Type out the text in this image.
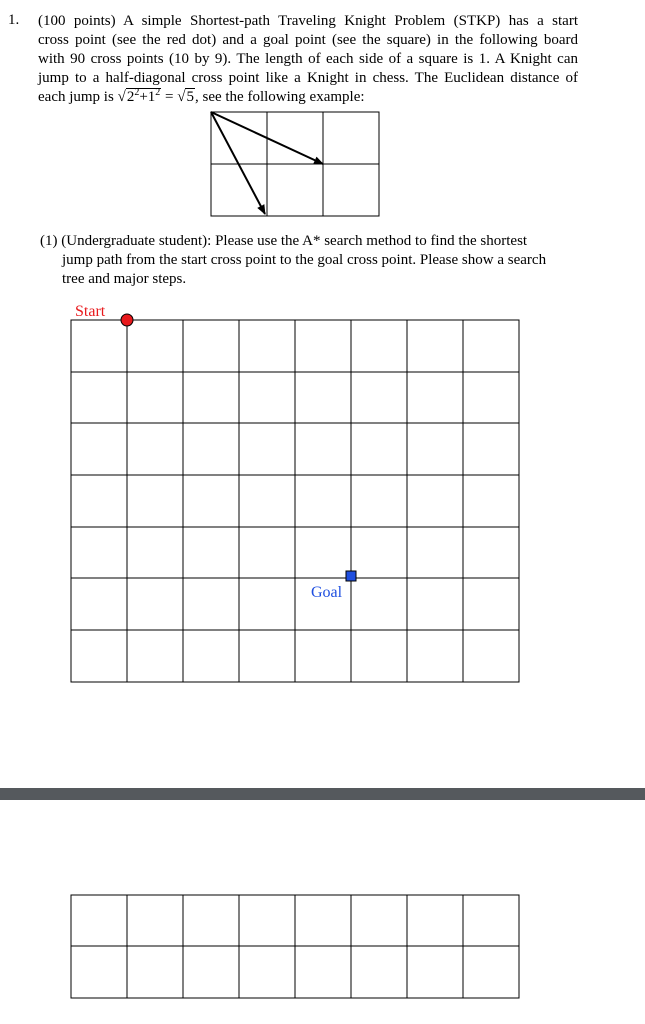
1. (100 points) A simple Shortest-path Traveling Knight Problem (STKP) has a start
cross point (see the red dot) and a goal point (see the square) in the following board
with 90 cross points (10 by 9). The length of each side of a square is 1. A Knight can
jump to a half-diagonal cross point like a Knight in chess. The Euclidean distance of
each jump is $√2^2+1^2 = √5$, see the following example:
(1) (Undergraduate student): Please use the A* search method to find the shortest
jump path from the start cross point to the goal cross point. Please show a search
tree and major steps.
Start
Goal
